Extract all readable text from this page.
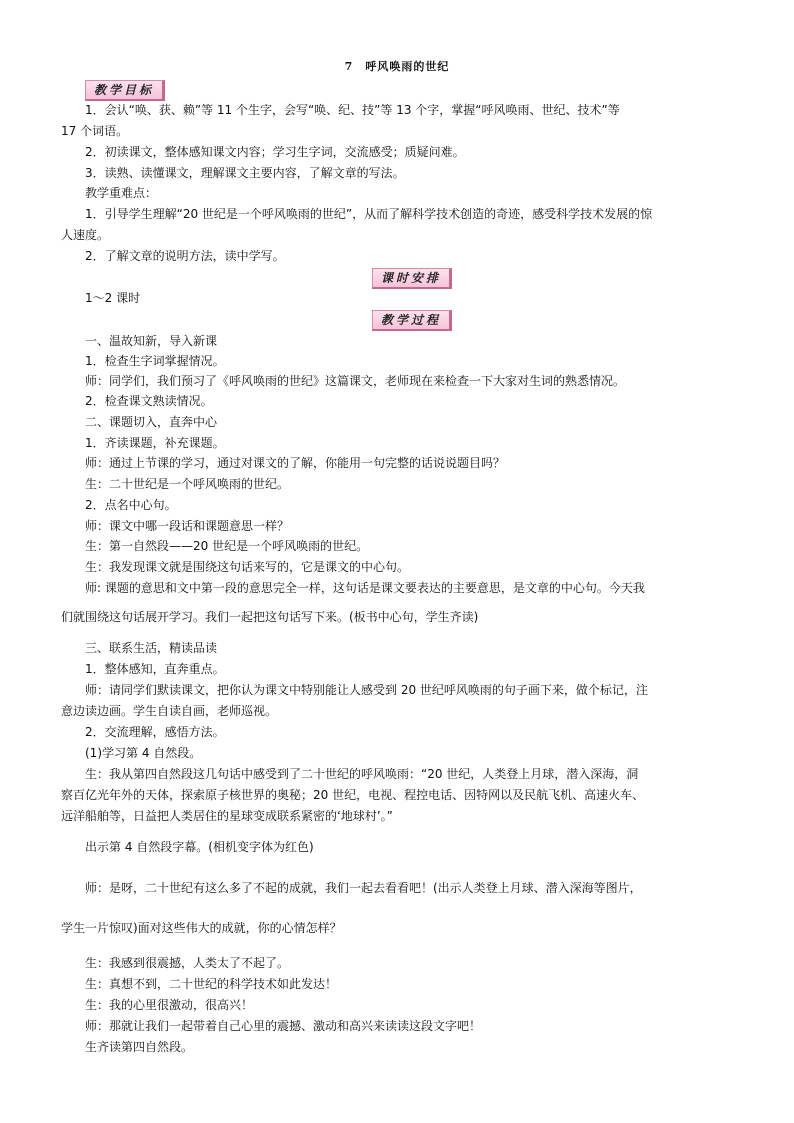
7　呼风唤雨的世纪
教学目标
1．会认“唤、获、赖”等 11 个生字，会写“唤、纪、技”等 13 个字，掌握“呼风唤雨、世纪、技术”等
17 个词语。
2．初读课文，整体感知课文内容；学习生字词，交流感受；质疑问难。
3．读熟、读懂课文，理解课文主要内容，了解文章的写法。
教学重难点：
1．引导学生理解“20 世纪是一个呼风唤雨的世纪”，从而了解科学技术创造的奇迹，感受科学技术发展的惊
人速度。
2．了解文章的说明方法，读中学写。
课时安排
1～2 课时
教学过程
一、温故知新，导入新课
1．检查生字词掌握情况。
师：同学们，我们预习了《呼风唤雨的世纪》这篇课文，老师现在来检查一下大家对生词的熟悉情况。
2．检查课文熟读情况。
二、课题切入，直奔中心
1．齐读课题，补充课题。
师：通过上节课的学习，通过对课文的了解，你能用一句完整的话说说题目吗？
生：二十世纪是一个呼风唤雨的世纪。
2．点名中心句。
师：课文中哪一段话和课题意思一样？
生：第一自然段——20 世纪是一个呼风唤雨的世纪。
生：我发现课文就是围绕这句话来写的，它是课文的中心句。
师: 课题的意思和文中第一段的意思完全一样，这句话是课文要表达的主要意思，是文章的中心句。今天我
们就围绕这句话展开学习。我们一起把这句话写下来。(板书中心句，学生齐读)
三、联系生活，精读品读
1．整体感知，直奔重点。
师：请同学们默读课文，把你认为课文中特别能让人感受到 20 世纪呼风唤雨的句子画下来，做个标记，注
意边读边画。学生自读自画，老师巡视。
2．交流理解，感悟方法。
(1)学习第 4 自然段。
生：我从第四自然段这几句话中感受到了二十世纪的呼风唤雨：“20 世纪，人类登上月球，潜入深海，洞
察百亿光年外的天体，探索原子核世界的奥秘；20 世纪，电视、程控电话、因特网以及民航飞机、高速火车、
远洋船舶等，日益把人类居住的星球变成联系紧密的‘地球村’。”
出示第 4 自然段字幕。(相机变字体为红色)
师：是呀，二十世纪有这么多了不起的成就，我们一起去看看吧！(出示人类登上月球、潜入深海等图片，
学生一片惊叹)面对这些伟大的成就，你的心情怎样？
生：我感到很震撼，人类太了不起了。
生：真想不到，二十世纪的科学技术如此发达！
生：我的心里很激动，很高兴！
师：那就让我们一起带着自己心里的震撼、激动和高兴来读读这段文字吧！
生齐读第四自然段。
